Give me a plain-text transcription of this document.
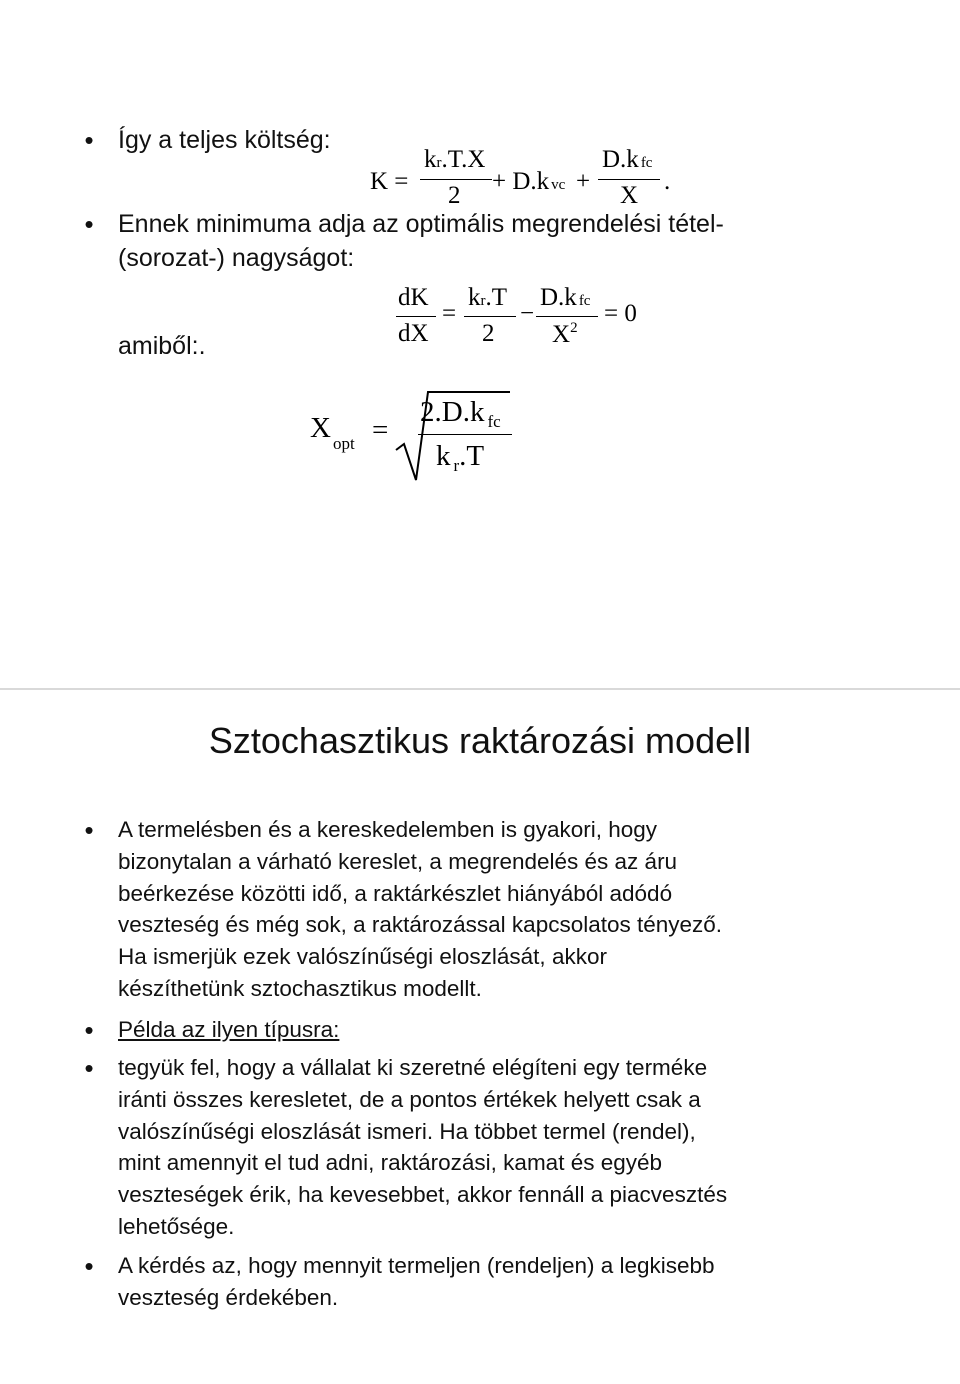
• Így a teljes költség:
K =
kr.T.X
2
+ D.k vc +
D.k fc
X
.
• Ennek minimuma adja az optimális megrendelési tétel-
(sorozat-) nagyságot:
amiből:.
dK
dX
=
kr.T
2
−
D.k fc
$X^2$
= 0
X $_{opt}$ =
2.D.k $_{fc}$
k $_r$.T
Sztochasztikus raktározási modell
• A termelésben és a kereskedelemben is gyakori, hogy
bizonytalan a várható kereslet, a megrendelés és az áru
beérkezése közötti idő, a raktárkészlet hiányából adódó
veszteség és még sok, a raktározással kapcsolatos tényező.
Ha ismerjük ezek valószínűségi eloszlását, akkor
készíthetünk sztochasztikus modellt.
• Példa az ilyen típusra:
• tegyük fel, hogy a vállalat ki szeretné elégíteni egy terméke
iránti összes keresletet, de a pontos értékek helyett csak a
valószínűségi eloszlását ismeri. Ha többet termel (rendel),
mint amennyit el tud adni, raktározási, kamat és egyéb
veszteségek érik, ha kevesebbet, akkor fennáll a piacvesztés
lehetősége.
• A kérdés az, hogy mennyit termeljen (rendeljen) a legkisebb
veszteség érdekében.
